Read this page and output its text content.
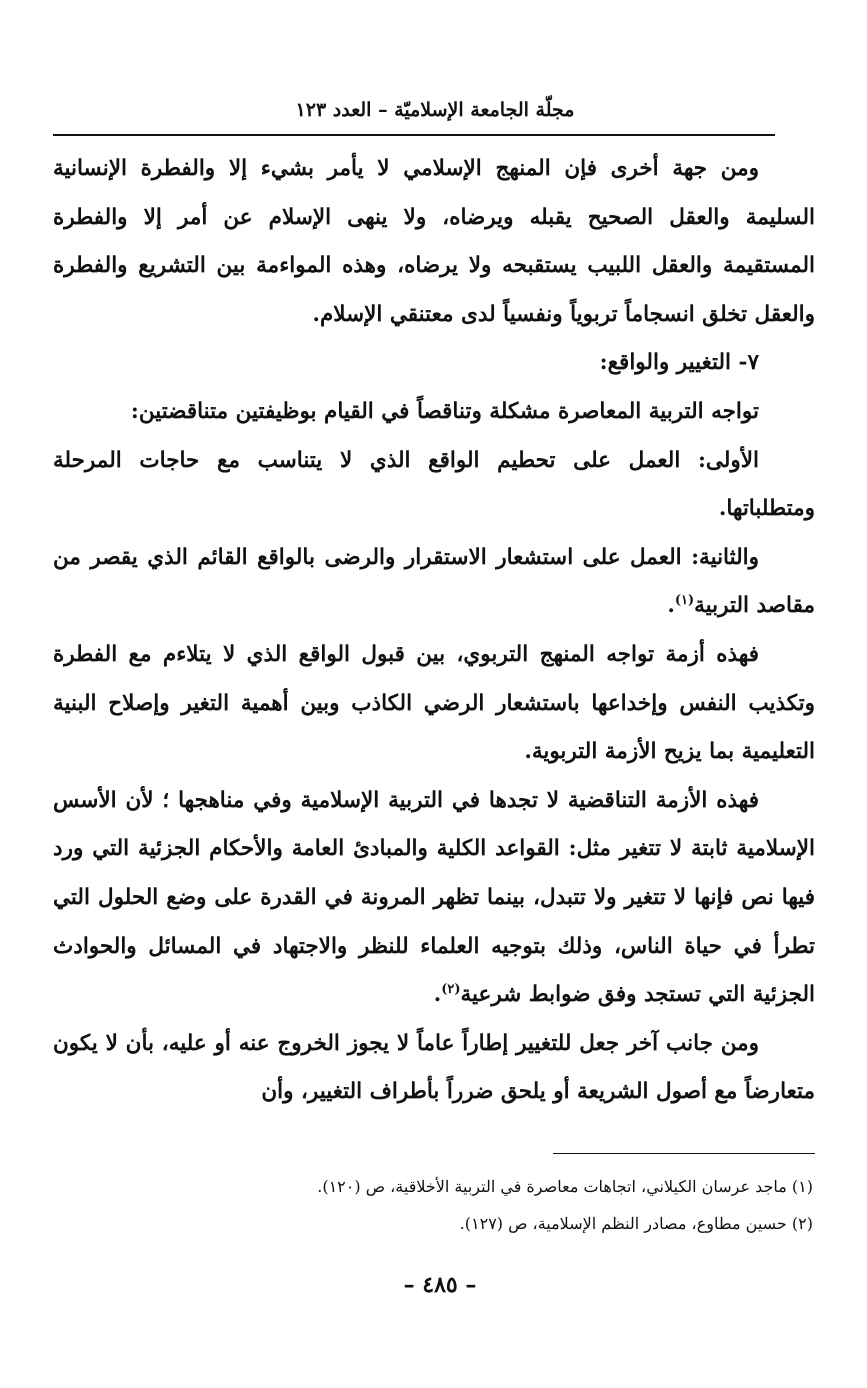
مجلّة الجامعة الإسلاميّة – العدد ١٢٣

ومن جهة أخرى فإن المنهج الإسلامي لا يأمر بشيء إلا والفطرة الإنسانية السليمة والعقل الصحيح يقبله ويرضاه، ولا ينهى الإسلام عن أمر إلا والفطرة المستقيمة والعقل اللبيب يستقبحه ولا يرضاه، وهذه المواءمة بين التشريع والفطرة والعقل تخلق انسجاماً تربوياً ونفسياً لدى معتنقي الإسلام.

٧- التغيير والواقع:

تواجه التربية المعاصرة مشكلة وتناقصاً في القيام بوظيفتين متناقضتين:

الأولى: العمل على تحطيم الواقع الذي لا يتناسب مع حاجات المرحلة ومتطلباتها.

والثانية: العمل على استشعار الاستقرار والرضى بالواقع القائم الذي يقصر من مقاصد التربية$^{(١)}$.

فهذه أزمة تواجه المنهج التربوي، بين قبول الواقع الذي لا يتلاءم مع الفطرة وتكذيب النفس وإخداعها باستشعار الرضي الكاذب وبين أهمية التغير وإصلاح البنية التعليمية بما يزيح الأزمة التربوية.

فهذه الأزمة التناقضية لا تجدها في التربية الإسلامية وفي مناهجها ؛ لأن الأسس الإسلامية ثابتة لا تتغير مثل: القواعد الكلية والمبادئ العامة والأحكام الجزئية التي ورد فيها نص فإنها لا تتغير ولا تتبدل، بينما تظهر المرونة في القدرة على وضع الحلول التي تطرأ في حياة الناس، وذلك بتوجيه العلماء للنظر والاجتهاد في المسائل والحوادث الجزئية التي تستجد وفق ضوابط شرعية$^{(٢)}$.

ومن جانب آخر جعل للتغيير إطاراً عاماً لا يجوز الخروج عنه أو عليه، بأن لا يكون متعارضاً مع أصول الشريعة أو يلحق ضرراً بأطراف التغيير، وأن

(١) ماجد عرسان الكيلاني، اتجاهات معاصرة في التربية الأخلاقية، ص (١٢٠).

(٢) حسين مطاوع، مصادر النظم الإسلامية، ص (١٢٧).

– ٤٨٥ –
